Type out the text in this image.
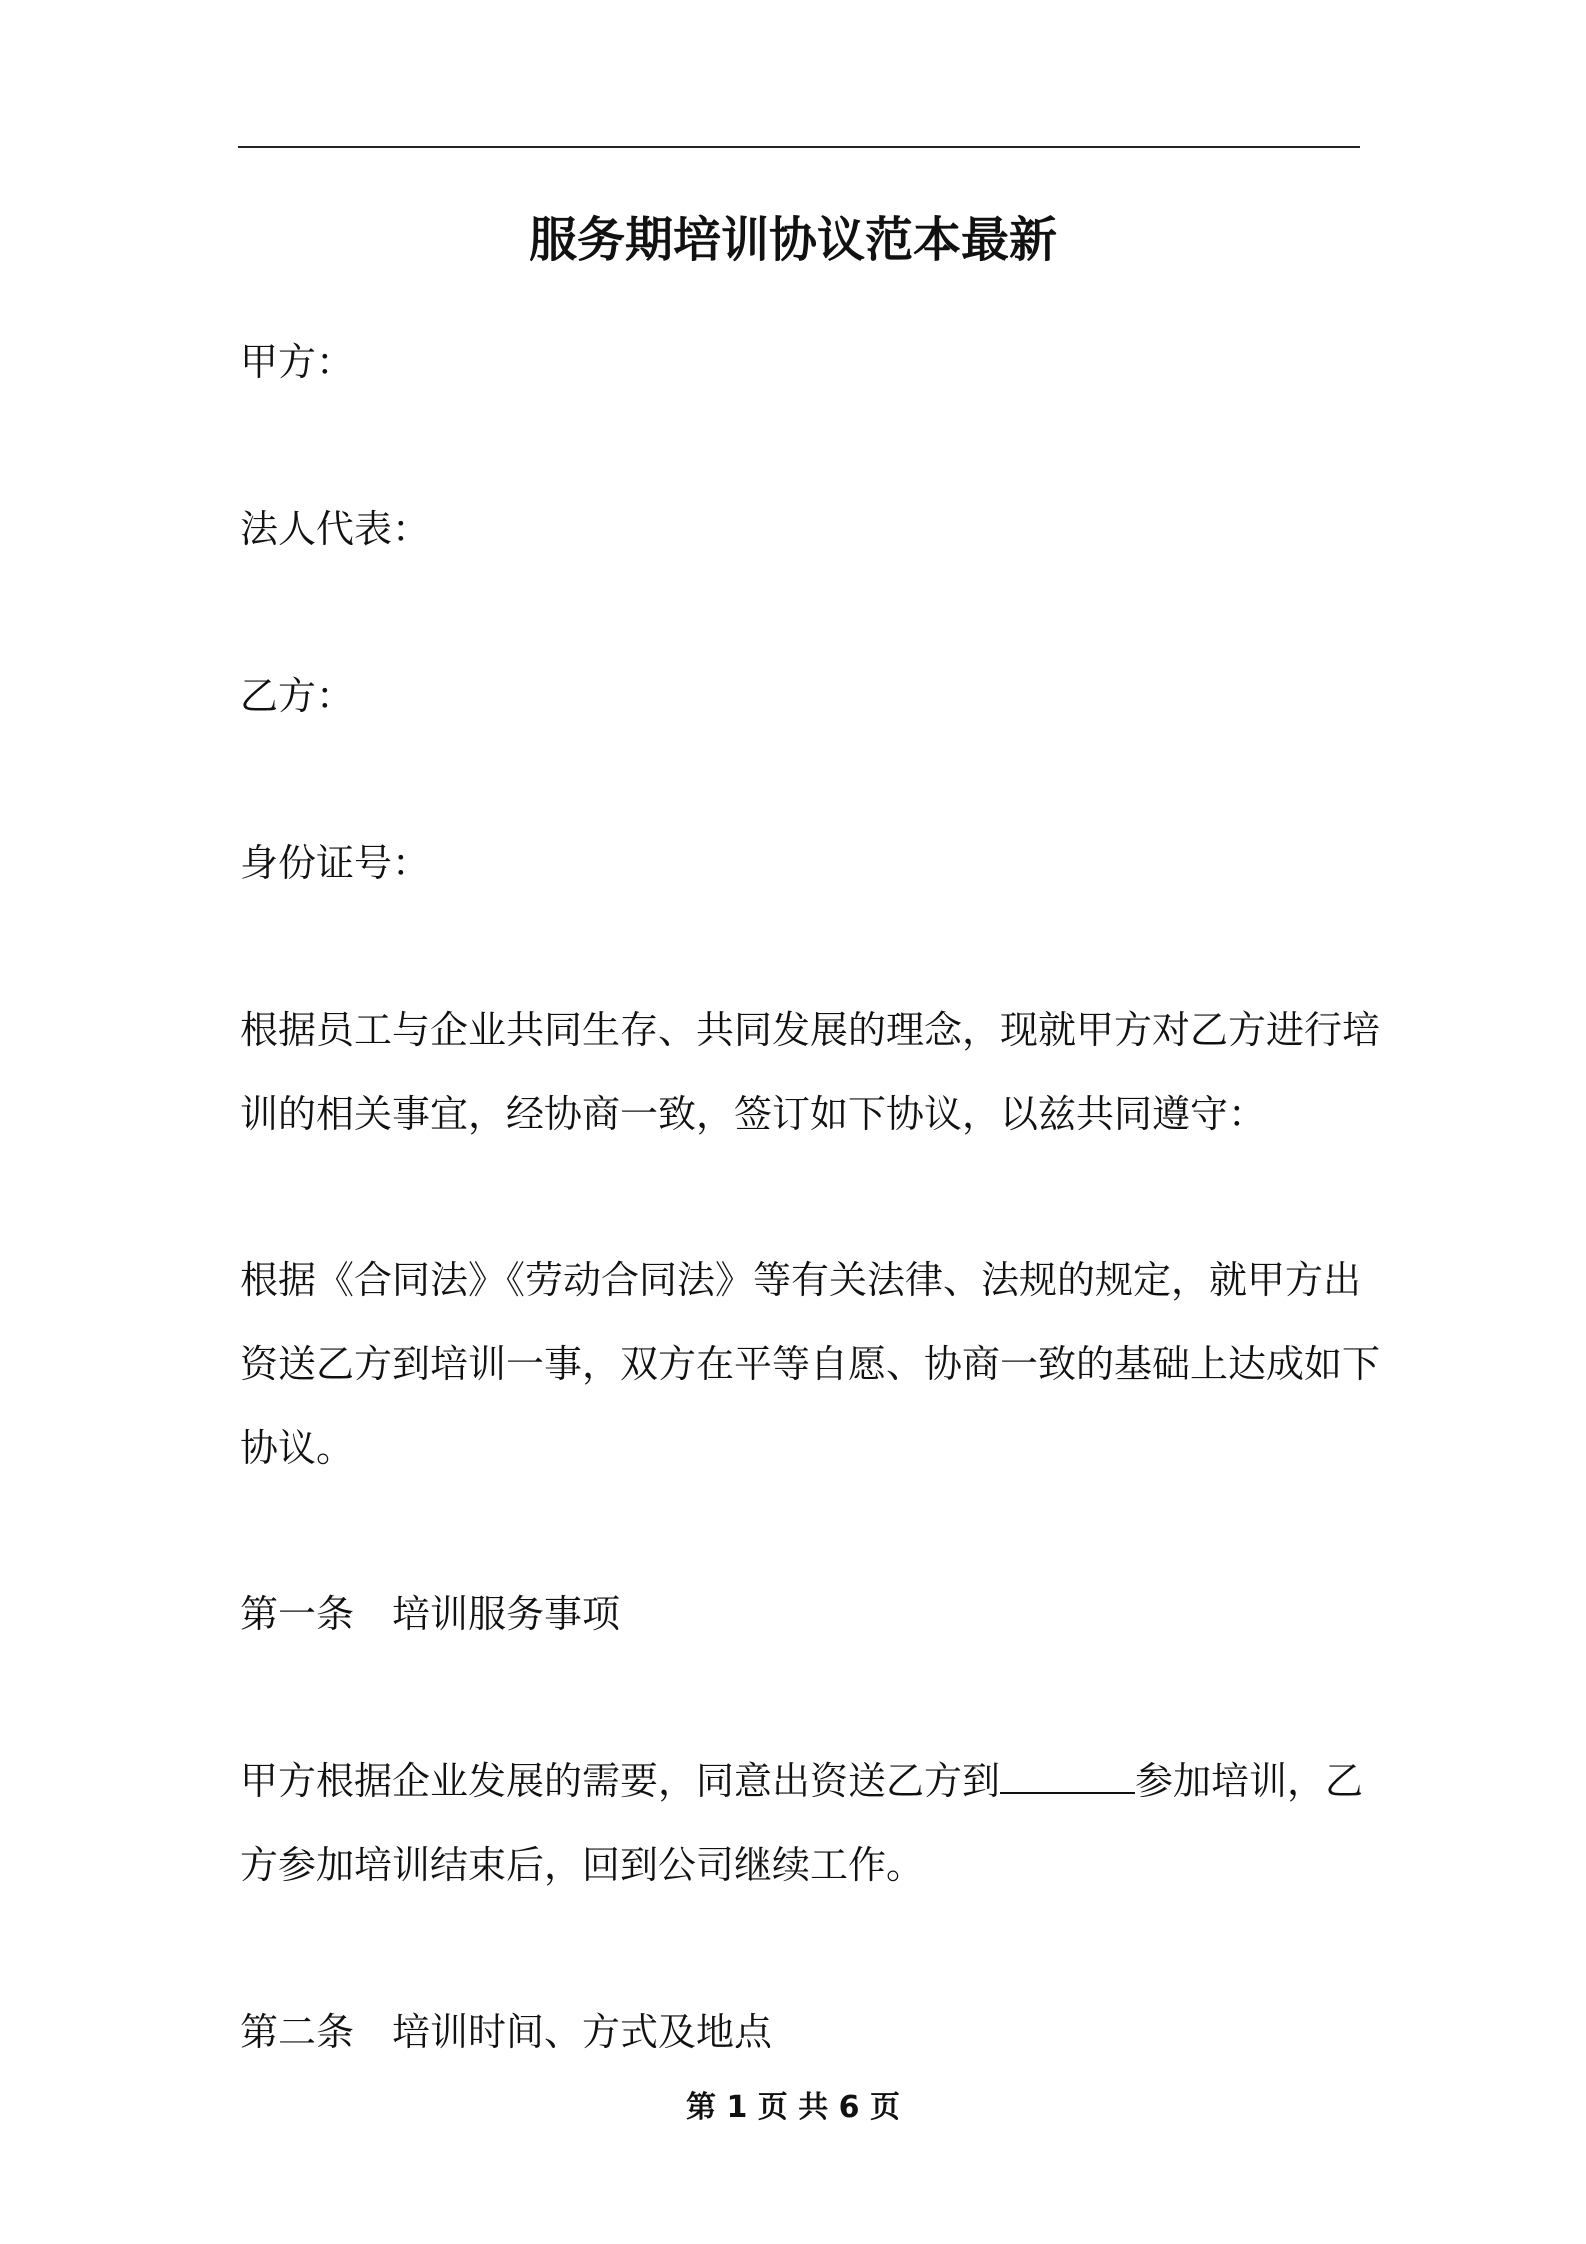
服务期培训协议范本最新
甲方：
法人代表：
乙方：
身份证号：
根据员工与企业共同生存、共同发展的理念，现就甲方对乙方进行培
训的相关事宜，经协商一致，签订如下协议，以兹共同遵守：
根据《合同法》《劳动合同法》等有关法律、法规的规定，就甲方出
资送乙方到培训一事，双方在平等自愿、协商一致的基础上达成如下
协议。
第一条　培训服务事项
甲方根据企业发展的需要，同意出资送乙方到	参加培训，乙
方参加培训结束后，回到公司继续工作。
第二条　培训时间、方式及地点
第 1 页 共 6 页
